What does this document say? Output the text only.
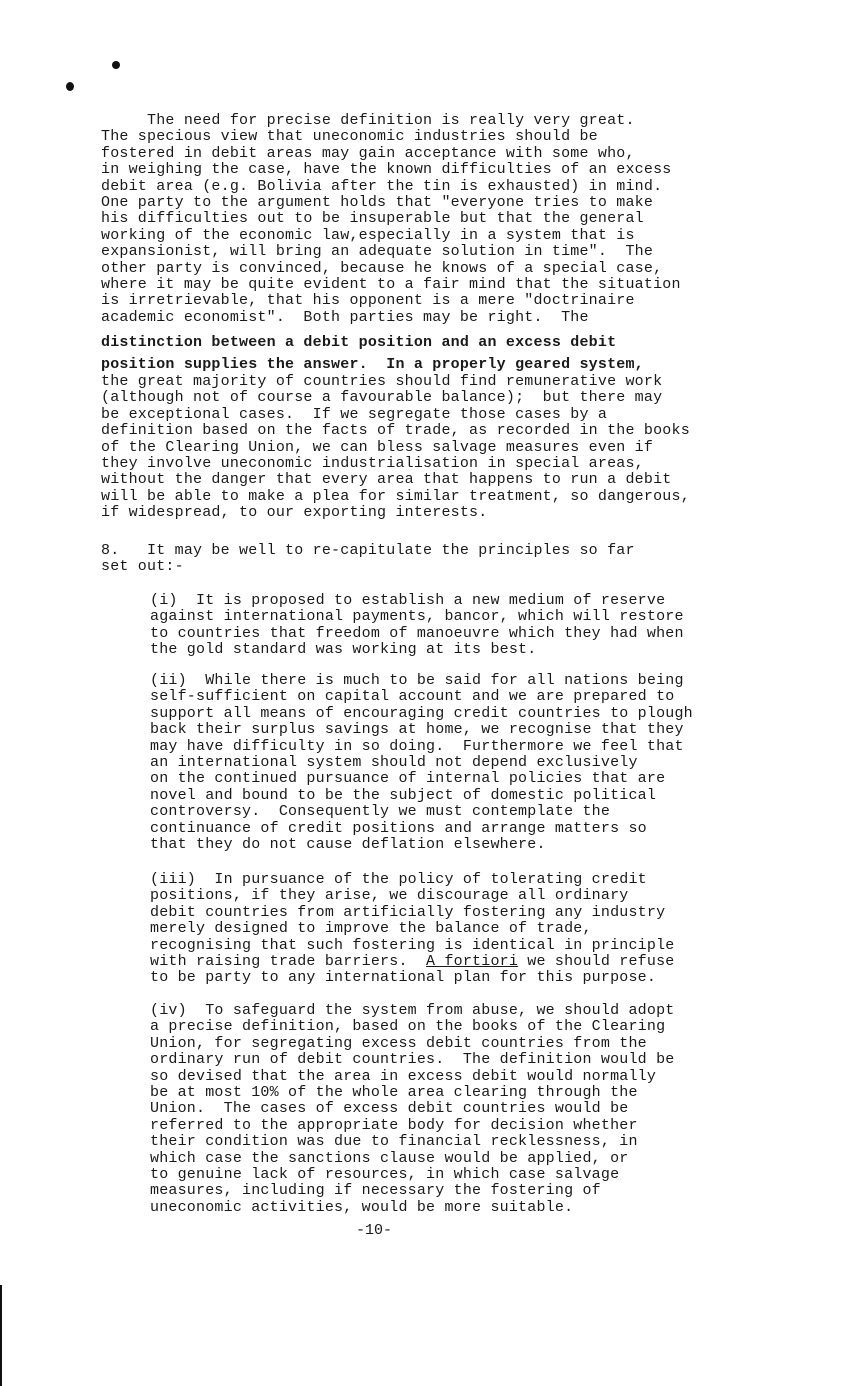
The need for precise definition is really very great.
The specious view that uneconomic industries should be
fostered in debit areas may gain acceptance with some who,
in weighing the case, have the known difficulties of an excess
debit area (e.g. Bolivia after the tin is exhausted) in mind.
One party to the argument holds that "everyone tries to make
his difficulties out to be insuperable but that the general
working of the economic law,especially in a system that is
expansionist, will bring an adequate solution in time".  The
other party is convinced, because he knows of a special case,
where it may be quite evident to a fair mind that the situation
is irretrievable, that his opponent is a mere "doctrinaire
academic economist".  Both parties may be right.  The
distinction between a debit position and an excess debit
position supplies the answer.  In a properly geared system,
the great majority of countries should find remunerative work
(although not of course a favourable balance);  but there may
be exceptional cases.  If we segregate those cases by a
definition based on the facts of trade, as recorded in the books
of the Clearing Union, we can bless salvage measures even if
they involve uneconomic industrialisation in special areas,
without the danger that every area that happens to run a debit
will be able to make a plea for similar treatment, so dangerous,
if widespread, to our exporting interests.
8.   It may be well to re-capitulate the principles so far
set out:-
(i)  It is proposed to establish a new medium of reserve
against international payments, bancor, which will restore
to countries that freedom of manoeuvre which they had when
the gold standard was working at its best.
(ii)  While there is much to be said for all nations being
self-sufficient on capital account and we are prepared to
support all means of encouraging credit countries to plough
back their surplus savings at home, we recognise that they
may have difficulty in so doing.  Furthermore we feel that
an international system should not depend exclusively
on the continued pursuance of internal policies that are
novel and bound to be the subject of domestic political
controversy.  Consequently we must contemplate the
continuance of credit positions and arrange matters so
that they do not cause deflation elsewhere.
(iii)  In pursuance of the policy of tolerating credit
positions, if they arise, we discourage all ordinary
debit countries from artificially fostering any industry
merely designed to improve the balance of trade,
recognising that such fostering is identical in principle
with raising trade barriers.  A fortiori we should refuse
to be party to any international plan for this purpose.
(iv)  To safeguard the system from abuse, we should adopt
a precise definition, based on the books of the Clearing
Union, for segregating excess debit countries from the
ordinary run of debit countries.  The definition would be
so devised that the area in excess debit would normally
be at most 10% of the whole area clearing through the
Union.  The cases of excess debit countries would be
referred to the appropriate body for decision whether
their condition was due to financial recklessness, in
which case the sanctions clause would be applied, or
to genuine lack of resources, in which case salvage
measures, including if necessary the fostering of
uneconomic activities, would be more suitable.
-10-
